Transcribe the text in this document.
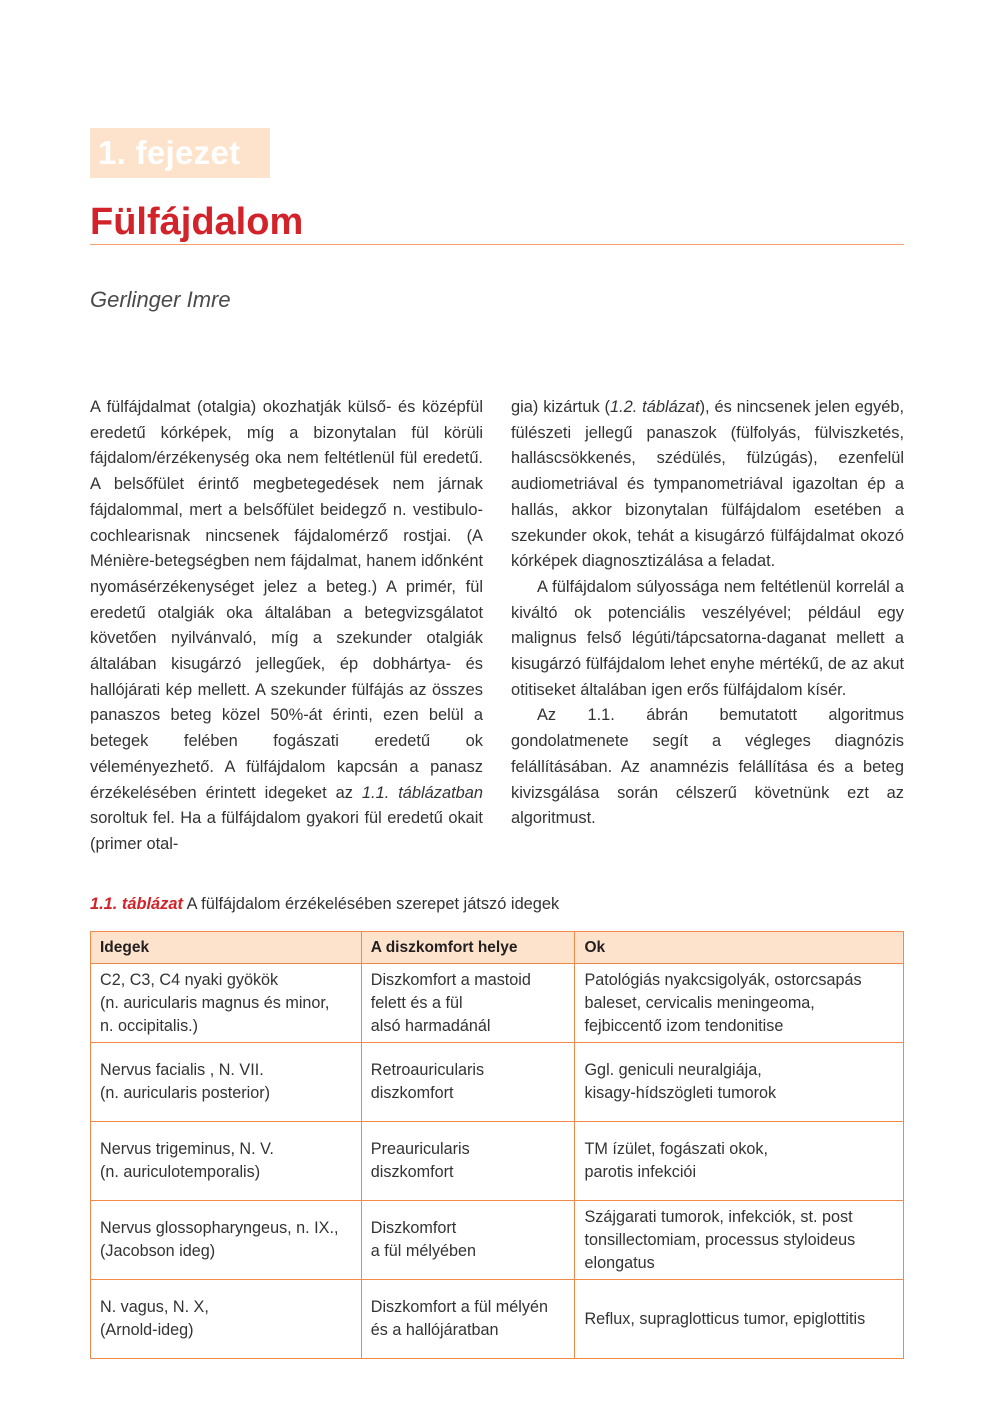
1. fejezet
Fülfájdalom
Gerlinger Imre

A fülfájdalmat (otalgia) okozhatják külső- és középfül eredetű kórképek, míg a bizonytalan fül körüli fájdalom/érzékenység oka nem feltétlenül fül eredetű. A belsőfület érintő megbetegedések nem járnak fájdalommal, mert a belsőfület beidegző n. vestibulo-cochlearisnak nincsenek fájdalomérző rostjai. (A Ménière-betegségben nem fájdalmat, hanem időnként nyomásérzékenységet jelez a beteg.) A primér, fül eredetű otalgiák oka általában a betegvizsgálatot követően nyilvánvaló, míg a szekunder otalgiák általában kisugárzó jellegűek, ép dobhártya- és hallójárati kép mellett. A szekunder fülfájás az összes panaszos beteg közel 50%-át érinti, ezen belül a betegek felében fogászati eredetű ok véleményezhető. A fülfájdalom kapcsán a panasz érzékelésében érintett idegeket az 1.1. táblázatban soroltuk fel. Ha a fülfájdalom gyakori fül eredetű okait (primer otal-

gia) kizártuk (1.2. táblázat), és nincsenek jelen egyéb, fülészeti jellegű panaszok (fülfolyás, fülviszketés, halláscsökkenés, szédülés, fülzúgás), ezenfelül audiometriával és tympanometriával igazoltan ép a hallás, akkor bizonytalan fülfájdalom esetében a szekunder okok, tehát a kisugárzó fülfájdalmat okozó kórképek diagnosztizálása a feladat.

A fülfájdalom súlyossága nem feltétlenül korrelál a kiváltó ok potenciális veszélyével; például egy malignus felső légúti/tápcsatorna-daganat mellett a kisugárzó fülfájdalom lehet enyhe mértékű, de az akut otitiseket általában igen erős fülfájdalom kísér.

Az 1.1. ábrán bemutatott algoritmus gondolatmenete segít a végleges diagnózis felállításában. Az anamnézis felállítása és a beteg kivizsgálása során célszerű követnünk ezt az algoritmust.

1.1. táblázat A fülfájdalom érzékelésében szerepet játszó idegek
Idegek	A diszkomfort helye	Ok

C2, C3, C4 nyaki gyökök
(n. auricularis magnus és minor,
n. occipitalis.)	Diszkomfort a mastoid
felett és a fül
alsó harmadánál	Patológiás nyakcsigolyák, ostorcsapás
baleset, cervicalis meningeoma,
fejbiccentő izom tendonitise

Nervus facialis , N. VII.
(n. auricularis posterior)	Retroauricularis
diszkomfort	Ggl. geniculi neuralgiája,
kisagy-hídszögleti tumorok

Nervus trigeminus, N. V.
(n. auriculotemporalis)	Preauricularis
diszkomfort	TM ízület, fogászati okok,
parotis infekciói

Nervus glossopharyngeus, n. IX.,
(Jacobson ideg)	Diszkomfort
a fül mélyében	Szájgarati tumorok, infekciók, st. post
tonsillectomiam, processus styloideus
elongatus

N. vagus, N. X,
(Arnold-ideg)	Diszkomfort a fül mélyén
és a hallójáratban	Reflux, supraglotticus tumor, epiglottitis
